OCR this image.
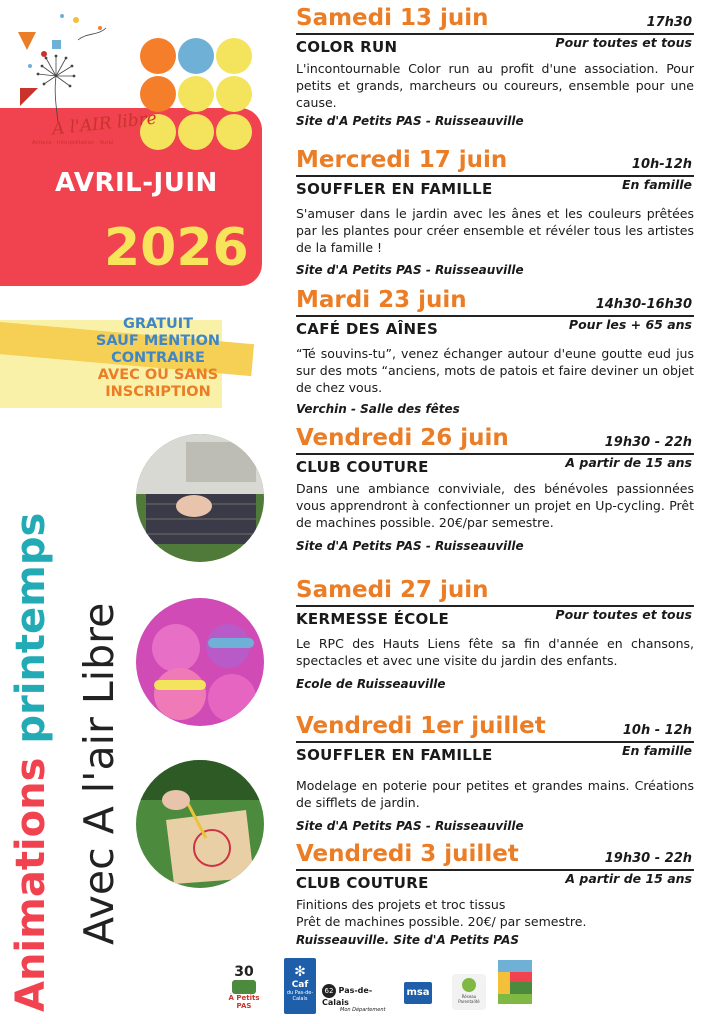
A l'AIR libre
Actions · Interprétation · Rural
AVRIL-JUIN
2026
GRATUIT
SAUF MENTION
CONTRAIRE
AVEC OU SANS
INSCRIPTION
Animations printemps Avec A l'air Libre
Samedi 13 juin	17h30
COLOR RUN	Pour toutes et tous
L'incontournable Color run au profit d'une association. Pour petits et grands, marcheurs ou coureurs, ensemble pour une cause.
Site d'A Petits PAS - Ruisseauville
Mercredi 17 juin	10h-12h
SOUFFLER EN FAMILLE	En famille
S'amuser dans le jardin avec les ânes et les couleurs prêtées par les plantes pour créer ensemble et révéler tous les artistes de la famille !
Site d'A Petits PAS - Ruisseauville
Mardi 23 juin	14h30-16h30
CAFÉ DES AÎNES	Pour les + 65 ans
“Té souvins-tu”, venez échanger autour d'eune goutte eud jus sur des mots “anciens, mots de patois et faire deviner un objet de chez vous.
Verchin - Salle des fêtes
Vendredi 26 juin	19h30 - 22h
CLUB COUTURE	A partir de 15 ans
Dans une ambiance conviviale, des bénévoles passionnées vous apprendront à confectionner un projet en Up-cycling. Prêt de machines possible. 20€/par semestre.
Site d'A Petits PAS - Ruisseauville
Samedi 27 juin
KERMESSE ÉCOLE	Pour toutes et tous
Le RPC des Hauts Liens fête sa fin d'année en chansons, spectacles et avec une visite du jardin des enfants.
Ecole de Ruisseauville
Vendredi 1er juillet	10h - 12h
SOUFFLER EN FAMILLE	En famille
Modelage en poterie pour petites et grandes mains. Créations de sifflets de jardin.
Site d'A Petits PAS - Ruisseauville
Vendredi 3 juillet	19h30 - 22h
CLUB COUTURE	A partir de 15 ans
Finitions des projets et troc tissus
Prêt de machines possible. 20€/ par semestre.
Ruisseauville. Site d'A Petits PAS
30
À Petits PAS
✻
Caf
du Pas-de-Calais
62 Pas-de-Calais
Mon Département
msa	Réseau Parentalité
